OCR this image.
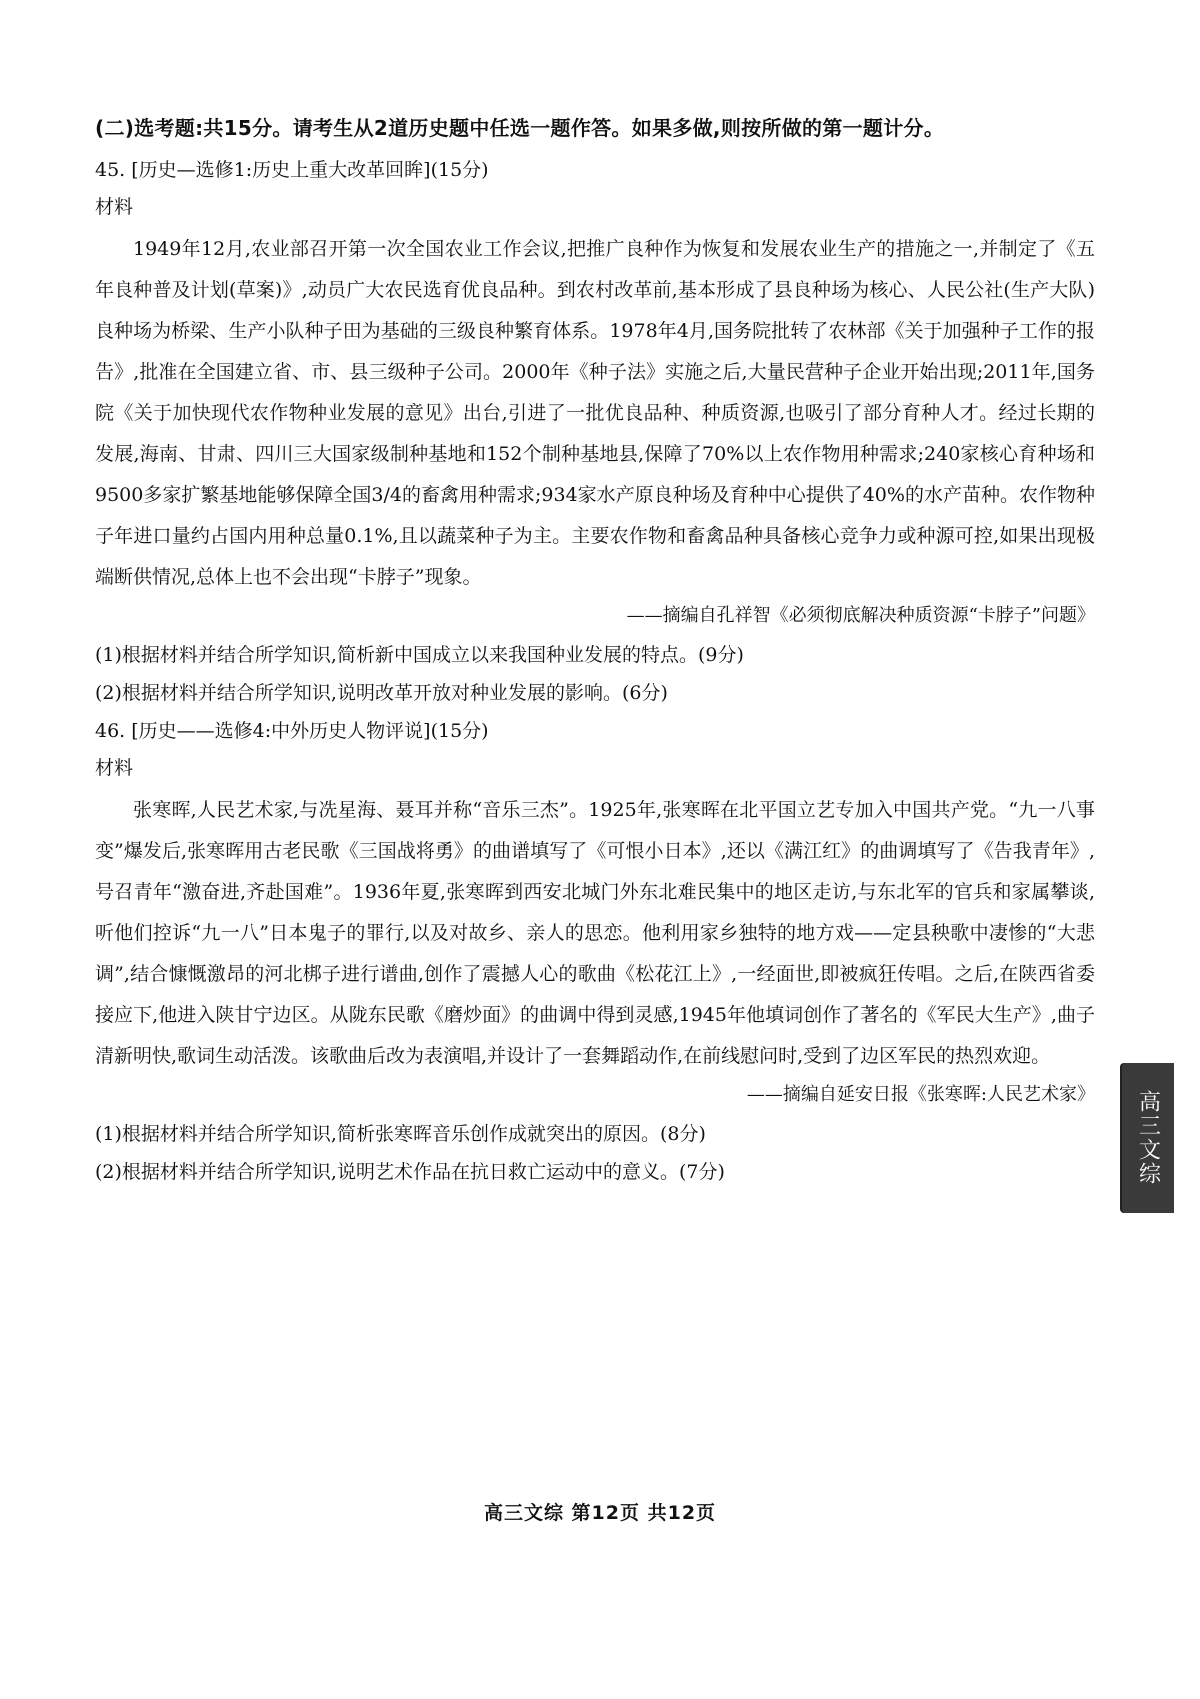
(二)选考题:共15分。请考生从2道历史题中任选一题作答。如果多做,则按所做的第一题计分。
45. [历史—选修1:历史上重大改革回眸](15分)
材料

1949年12月,农业部召开第一次全国农业工作会议,把推广良种作为恢复和发展农业生产的措施之一,并制定了《五年良种普及计划(草案)》,动员广大农民选育优良品种。到农村改革前,基本形成了县良种场为核心、人民公社(生产大队)良种场为桥梁、生产小队种子田为基础的三级良种繁育体系。1978年4月,国务院批转了农林部《关于加强种子工作的报告》,批准在全国建立省、市、县三级种子公司。2000年《种子法》实施之后,大量民营种子企业开始出现;2011年,国务院《关于加快现代农作物种业发展的意见》出台,引进了一批优良品种、种质资源,也吸引了部分育种人才。经过长期的发展,海南、甘肃、四川三大国家级制种基地和152个制种基地县,保障了70%以上农作物用种需求;240家核心育种场和9500多家扩繁基地能够保障全国3/4的畜禽用种需求;934家水产原良种场及育种中心提供了40%的水产苗种。农作物种子年进口量约占国内用种总量0.1%,且以蔬菜种子为主。主要农作物和畜禽品种具备核心竞争力或种源可控,如果出现极端断供情况,总体上也不会出现“卡脖子”现象。

——摘编自孔祥智《必须彻底解决种质资源“卡脖子”问题》
(1)根据材料并结合所学知识,简析新中国成立以来我国种业发展的特点。(9分)
(2)根据材料并结合所学知识,说明改革开放对种业发展的影响。(6分)
46. [历史——选修4:中外历史人物评说](15分)
材料

张寒晖,人民艺术家,与冼星海、聂耳并称“音乐三杰”。1925年,张寒晖在北平国立艺专加入中国共产党。“九一八事变”爆发后,张寒晖用古老民歌《三国战将勇》的曲谱填写了《可恨小日本》,还以《满江红》的曲调填写了《告我青年》,号召青年“激奋进,齐赴国难”。1936年夏,张寒晖到西安北城门外东北难民集中的地区走访,与东北军的官兵和家属攀谈,听他们控诉“九一八”日本鬼子的罪行,以及对故乡、亲人的思恋。他利用家乡独特的地方戏——定县秧歌中凄惨的“大悲调”,结合慷慨激昂的河北梆子进行谱曲,创作了震撼人心的歌曲《松花江上》,一经面世,即被疯狂传唱。之后,在陕西省委接应下,他进入陕甘宁边区。从陇东民歌《磨炒面》的曲调中得到灵感,1945年他填词创作了著名的《军民大生产》,曲子清新明快,歌词生动活泼。该歌曲后改为表演唱,并设计了一套舞蹈动作,在前线慰问时,受到了边区军民的热烈欢迎。

——摘编自延安日报《张寒晖:人民艺术家》
(1)根据材料并结合所学知识,简析张寒晖音乐创作成就突出的原因。(8分)
(2)根据材料并结合所学知识,说明艺术作品在抗日救亡运动中的意义。(7分)	高三文综
高三文综 第12页 共12页
